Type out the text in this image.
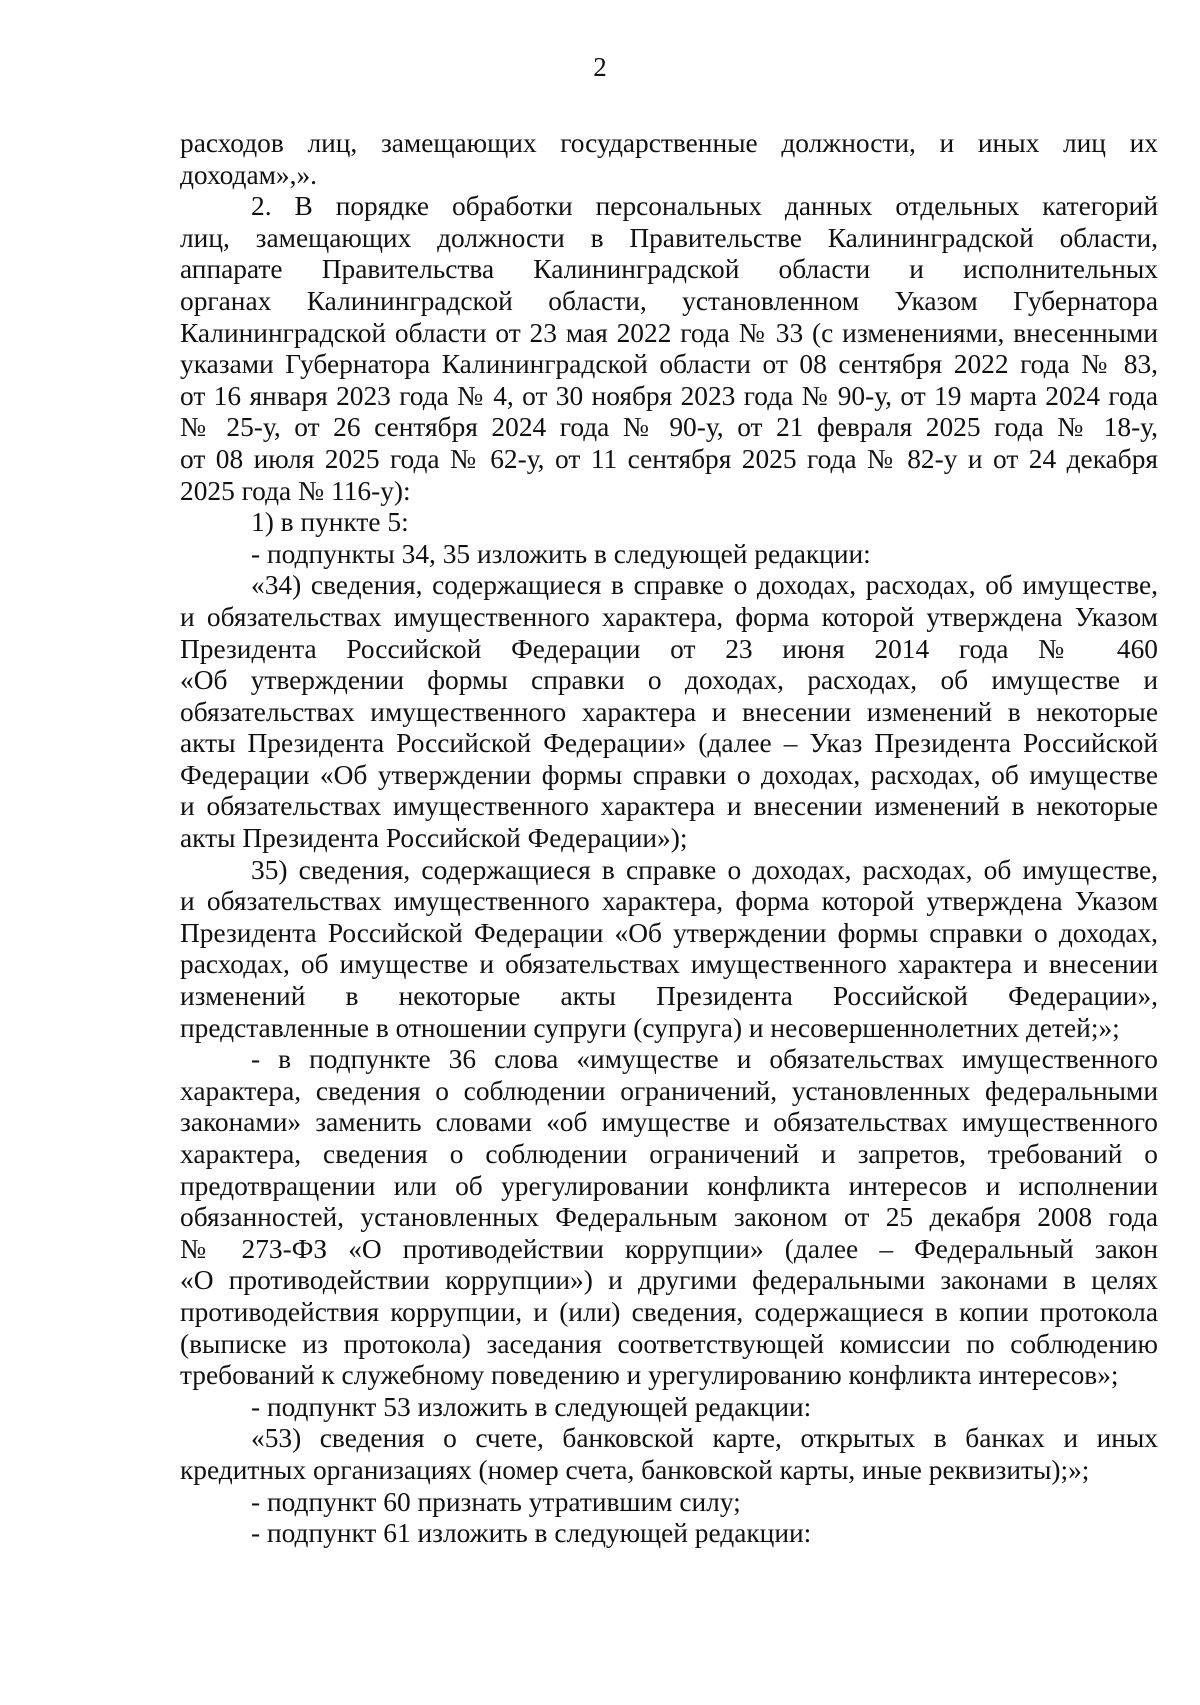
2
расходов лиц, замещающих государственные должности, и иных лиц их
доходам»,».
2. В порядке обработки персональных данных отдельных категорий
лиц, замещающих должности в Правительстве Калининградской области,
аппарате Правительства Калининградской области и исполнительных
органах Калининградской области, установленном Указом Губернатора
Калининградской области от 23 мая 2022 года № 33 (с изменениями, внесенными
указами Губернатора Калининградской области от 08 сентября 2022 года № 83,
от 16 января 2023 года № 4, от 30 ноября 2023 года № 90-у, от 19 марта 2024 года
№ 25-у, от 26 сентября 2024 года № 90-у, от 21 февраля 2025 года № 18-у,
от 08 июля 2025 года № 62-у, от 11 сентября 2025 года № 82-у и от 24 декабря
2025 года № 116-у):
1) в пункте 5:
- подпункты 34, 35 изложить в следующей редакции:
«34) сведения, содержащиеся в справке о доходах, расходах, об имуществе,
и обязательствах имущественного характера, форма которой утверждена Указом
Президента Российской Федерации от 23 июня 2014 года № 460
«Об утверждении формы справки о доходах, расходах, об имуществе и
обязательствах имущественного характера и внесении изменений в некоторые
акты Президента Российской Федерации» (далее – Указ Президента Российской
Федерации «Об утверждении формы справки о доходах, расходах, об имуществе
и обязательствах имущественного характера и внесении изменений в некоторые
акты Президента Российской Федерации»);
35) сведения, содержащиеся в справке о доходах, расходах, об имуществе,
и обязательствах имущественного характера, форма которой утверждена Указом
Президента Российской Федерации «Об утверждении формы справки о доходах,
расходах, об имуществе и обязательствах имущественного характера и внесении
изменений в некоторые акты Президента Российской Федерации»,
представленные в отношении супруги (супруга) и несовершеннолетних детей;»;
- в подпункте 36 слова «имуществе и обязательствах имущественного
характера, сведения о соблюдении ограничений, установленных федеральными
законами» заменить словами «об имуществе и обязательствах имущественного
характера, сведения о соблюдении ограничений и запретов, требований о
предотвращении или об урегулировании конфликта интересов и исполнении
обязанностей, установленных Федеральным законом от 25 декабря 2008 года
№ 273-ФЗ «О противодействии коррупции» (далее – Федеральный закон
«О противодействии коррупции») и другими федеральными законами в целях
противодействия коррупции, и (или) сведения, содержащиеся в копии протокола
(выписке из протокола) заседания соответствующей комиссии по соблюдению
требований к служебному поведению и урегулированию конфликта интересов»;
- подпункт 53 изложить в следующей редакции:
«53) сведения о счете, банковской карте, открытых в банках и иных
кредитных организациях (номер счета, банковской карты, иные реквизиты);»;
- подпункт 60 признать утратившим силу;
- подпункт 61 изложить в следующей редакции:
